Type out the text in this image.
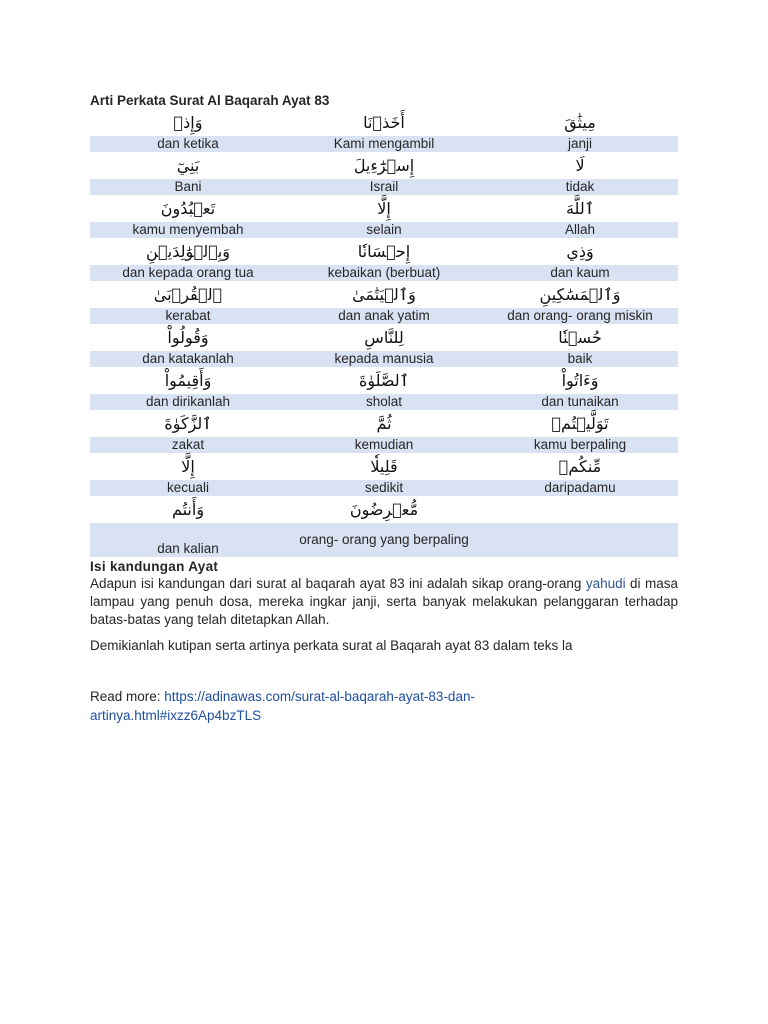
Arti Perkata Surat Al Baqarah Ayat 83
وَإِذۡ	أَخَذۡنَا	مِيثَٰقَ
dan ketika	Kami mengambil	janji
بَنِيٓ	إِسۡرَٰٓءِيلَ	لَا
Bani	Israil	tidak
تَعۡبُدُونَ	إِلَّا	ٱللَّهَ
kamu menyembah	selain	Allah
وَبِٱلۡوَٰلِدَيۡنِ	إِحۡسَانٗا	وَذِي
dan kepada orang tua	kebaikan (berbuat)	dan kaum
ٱلۡقُرۡبَىٰ	وَٱلۡيَتَٰمَىٰ	وَٱلۡمَسَٰكِينِ
kerabat	dan anak yatim	dan orang- orang miskin
وَقُولُواْ	لِلنَّاسِ	حُسۡنٗا
dan katakanlah	kepada manusia	baik
وَأَقِيمُواْ	ٱلصَّلَوٰةَ	وَءَاتُواْ
dan dirikanlah	sholat	dan tunaikan
ٱلزَّكَوٰةَ	ثُمَّ	تَوَلَّيۡتُمۡ
zakat	kemudian	kamu berpaling
إِلَّا	قَلِيلٗا	مِّنكُمۡ
kecuali	sedikit	daripadamu
وَأَنتُم	مُّعۡرِضُونَ	
dan kalian	orang- orang yang berpaling	
Isi kandungan Ayat

Adapun isi kandungan dari surat al baqarah ayat 83 ini adalah sikap orang-orang yahudi di masa lampau yang penuh dosa, mereka ingkar janji, serta banyak melakukan pelanggaran terhadap batas-batas yang telah ditetapkan Allah.

Demikianlah kutipan serta artinya perkata surat al Baqarah ayat 83 dalam teks la

Read more: https://adinawas.com/surat-al-baqarah-ayat-83-dan-artinya.html#ixzz6Ap4bzTLS
